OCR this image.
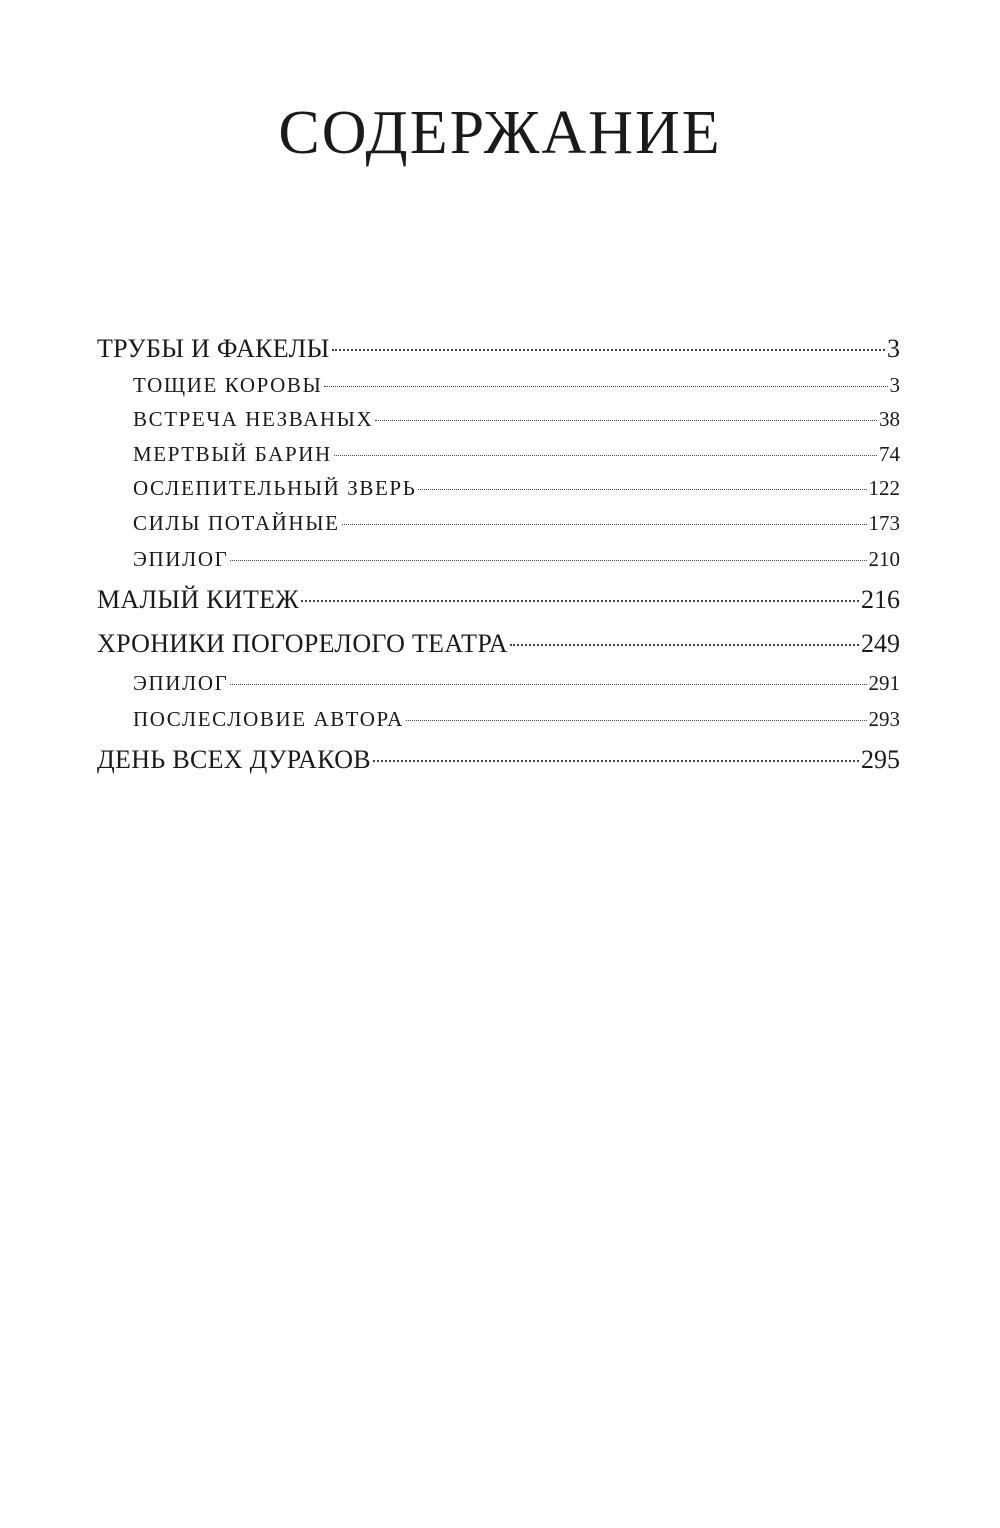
СОДЕРЖАНИЕ
ТРУБЫ И ФАКЕЛЫ	3
ТОЩИЕ КОРОВЫ	3
ВСТРЕЧА НЕЗВАНЫХ	38
МЕРТВЫЙ БАРИН	74
ОСЛЕПИТЕЛЬНЫЙ ЗВЕРЬ	122
СИЛЫ ПОТАЙНЫЕ	173
ЭПИЛОГ	210
МАЛЫЙ КИТЕЖ	216
ХРОНИКИ ПОГОРЕЛОГО ТЕАТРА	249
ЭПИЛОГ	291
ПОСЛЕСЛОВИЕ АВТОРА	293
ДЕНЬ ВСЕХ ДУРАКОВ	295
